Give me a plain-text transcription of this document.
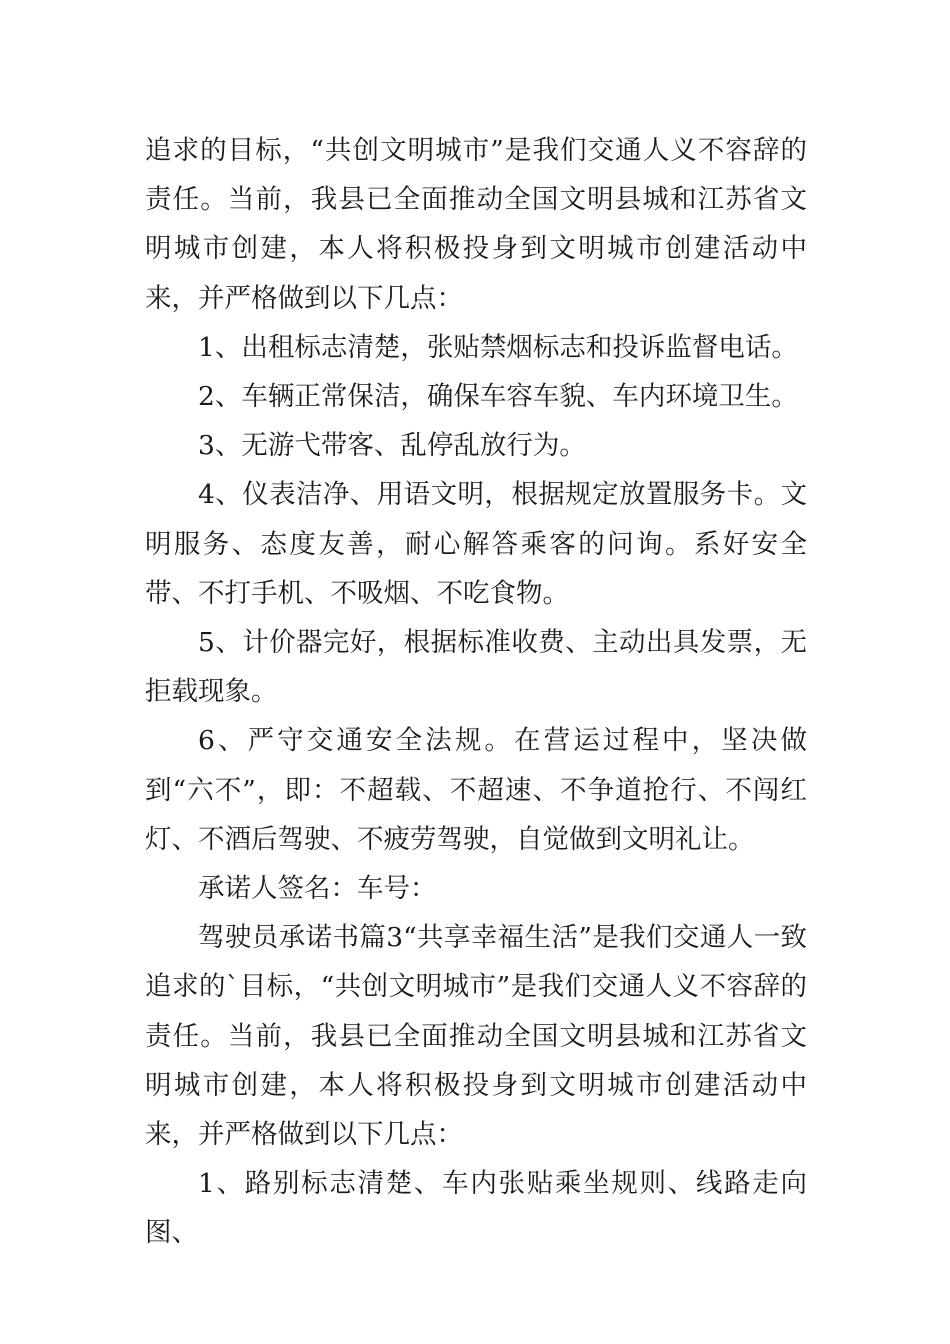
追求的目标，“共创文明城市”是我们交通人义不容辞的责任。当前，我县已全面推动全国文明县城和江苏省文明城市创建，本人将积极投身到文明城市创建活动中来，并严格做到以下几点：

1、出租标志清楚，张贴禁烟标志和投诉监督电话。

2、车辆正常保洁，确保车容车貌、车内环境卫生。

3、无游弋带客、乱停乱放行为。

4、仪表洁净、用语文明，根据规定放置服务卡。文明服务、态度友善，耐心解答乘客的问询。系好安全带、不打手机、不吸烟、不吃食物。

5、计价器完好，根据标准收费、主动出具发票，无拒载现象。

6、严守交通安全法规。在营运过程中，坚决做到“六不”，即：不超载、不超速、不争道抢行、不闯红灯、不酒后驾驶、不疲劳驾驶，自觉做到文明礼让。

承诺人签名：车号：

驾驶员承诺书篇3“共享幸福生活”是我们交通人一致追求的`目标，“共创文明城市”是我们交通人义不容辞的责任。当前，我县已全面推动全国文明县城和江苏省文明城市创建，本人将积极投身到文明城市创建活动中来，并严格做到以下几点：

1、路别标志清楚、车内张贴乘坐规则、线路走向图、
